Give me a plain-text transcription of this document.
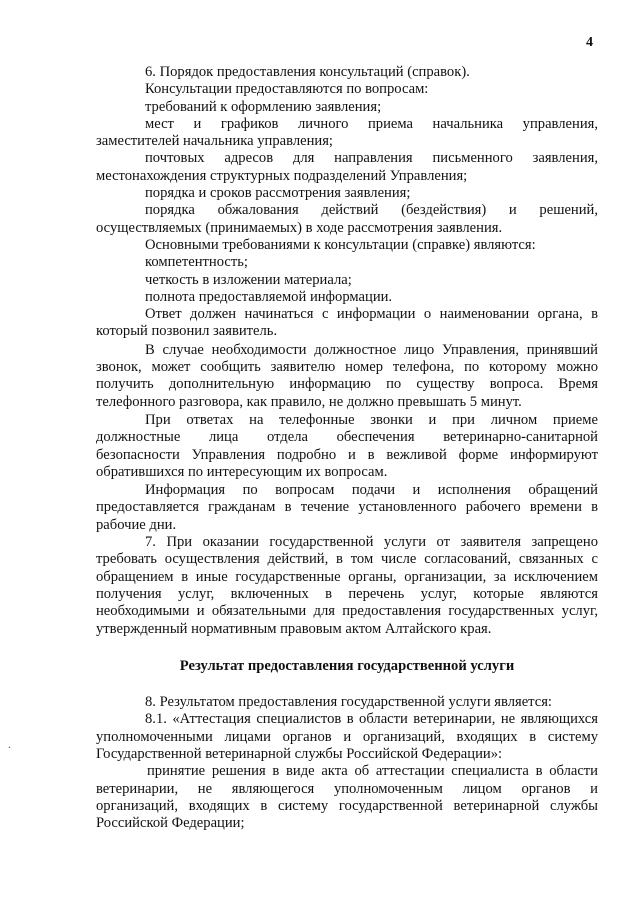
4
.

6. Порядок предоставления консультаций (справок).

Консультации предоставляются по вопросам:

требований к оформлению заявления;

мест и графиков личного приема начальника управления,

заместителей начальника управления;

почтовых адресов для направления письменного заявления,

местонахождения структурных подразделений Управления;

порядка и сроков рассмотрения заявления;

порядка обжалования действий (бездействия) и решений,

осуществляемых (принимаемых) в ходе рассмотрения заявления.

Основными требованиями к консультации (справке) являются:

компетентность;

четкость в изложении материала;

полнота предоставляемой информации.

Ответ должен начинаться с информации о наименовании органа, в

который позвонил заявитель.

В случае необходимости должностное лицо Управления, принявший

звонок, может сообщить заявителю номер телефона, по которому можно

получить дополнительную информацию по существу вопроса. Время

телефонного разговора, как правило, не должно превышать 5 минут.

При ответах на телефонные звонки и при личном приеме

должностные лица отдела обеспечения ветеринарно-санитарной

безопасности Управления подробно и в вежливой форме информируют

обратившихся по интересующим их вопросам.

Информация по вопросам подачи и исполнения обращений

предоставляется гражданам в течение установленного рабочего времени в

рабочие дни.

7. При оказании государственной услуги от заявителя запрещено

требовать осуществления действий, в том числе согласований, связанных с

обращением в иные государственные органы, организации, за исключением

получения услуг, включенных в перечень услуг, которые являются

необходимыми и обязательными для предоставления государственных услуг,

утвержденный нормативным правовым актом Алтайского края.

Результат предоставления государственной услуги

8. Результатом предоставления государственной услуги является:

8.1. «Аттестация специалистов в области ветеринарии, не являющихся

уполномоченными лицами органов и организаций, входящих в систему

Государственной ветеринарной службы Российской Федерации»:

принятие решения в виде акта об аттестации специалиста в области

ветеринарии, не являющегося уполномоченным лицом органов и

организаций, входящих в систему государственной ветеринарной службы

Российской Федерации;
